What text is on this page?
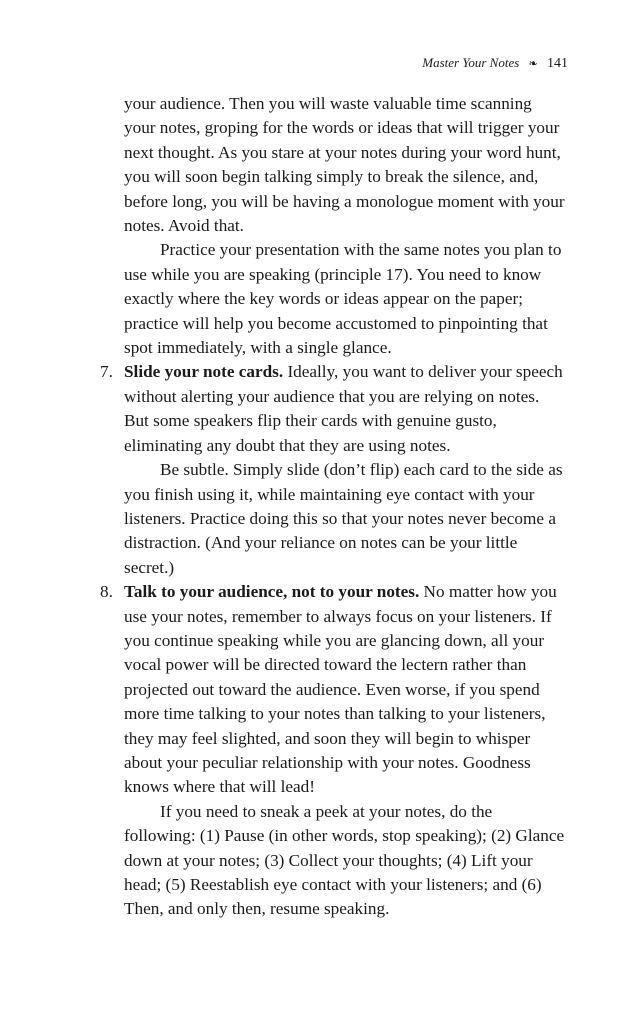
Master Your Notes ❧ 141

your audience. Then you will waste valuable time scanning your notes, groping for the words or ideas that will trigger your next thought. As you stare at your notes during your word hunt, you will soon begin talking simply to break the silence, and, before long, you will be having a monologue moment with your notes. Avoid that.

Practice your presentation with the same notes you plan to use while you are speaking (principle 17). You need to know exactly where the key words or ideas appear on the paper; practice will help you become accustomed to pinpointing that spot immediately, with a single glance.

7. Slide your note cards. Ideally, you want to deliver your speech without alerting your audience that you are relying on notes. But some speakers flip their cards with genuine gusto, eliminating any doubt that they are using notes.

Be subtle. Simply slide (don’t flip) each card to the side as you finish using it, while maintaining eye contact with your listeners. Practice doing this so that your notes never become a distraction. (And your reliance on notes can be your little secret.)

8. Talk to your audience, not to your notes. No matter how you use your notes, remember to always focus on your listeners. If you continue speaking while you are glancing down, all your vocal power will be directed toward the lectern rather than projected out toward the audience. Even worse, if you spend more time talking to your notes than talking to your listeners, they may feel slighted, and soon they will begin to whisper about your peculiar relationship with your notes. Goodness knows where that will lead!

If you need to sneak a peek at your notes, do the following: (1) Pause (in other words, stop speaking); (2) Glance down at your notes; (3) Collect your thoughts; (4) Lift your head; (5) Reestablish eye contact with your listeners; and (6) Then, and only then, resume speaking.
